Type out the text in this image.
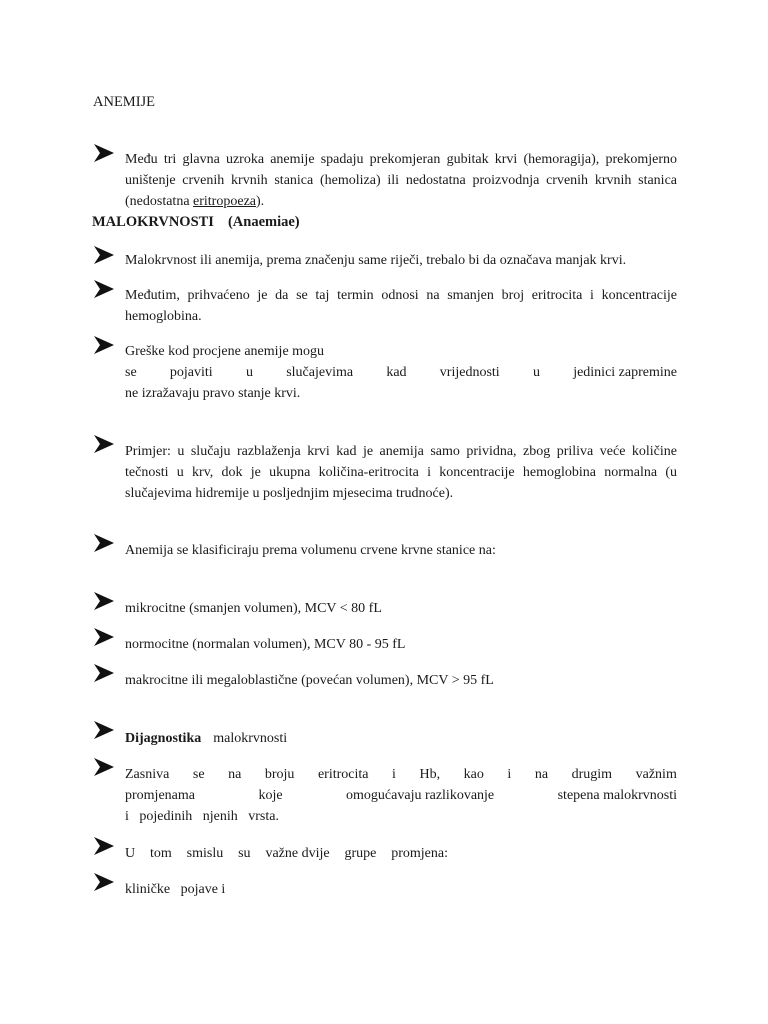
ANEMIJE
Među tri glavna uzroka anemije spadaju prekomjeran gubitak krvi (hemoragija), prekomjerno uništenje crvenih krvnih stanica (hemoliza) ili nedostatna proizvodnja crvenih krvnih stanica (nedostatna eritropoeza).
MALOKRVNOSTI (Anaemiae)
Malokrvnost ili anemija, prema značenju same riječi, trebalo bi da označava manjak krvi.
Međutim, prihvaćeno je da se taj termin odnosi na smanjen broj eritrocita i koncentracije hemoglobina.
Greške kod procjene anemije mogu
se pojaviti u slučajevima kad vrijednosti u jedinici zapremine
ne izražavaju pravo stanje krvi.
Primjer: u slučaju razblaženja krvi kad je anemija samo prividna, zbog priliva veće količine tečnosti u krv, dok je ukupna količina-eritrocita i koncentracije hemoglobina normalna (u slučajevima hidremije u posljednjim mjesecima trudnoće).
Anemija se klasificiraju prema volumenu crvene krvne stanice na:
mikrocitne (smanjen volumen), MCV < 80 fL
normocitne (normalan volumen), MCV 80 - 95 fL
makrocitne ili megaloblastične (povećan volumen), MCV > 95 fL
Dijagnostika malokrvnosti
Zasniva se na broju eritrocita i Hb, kao i na drugim važnim
promjenama	koje	omogućavaju razlikovanje	stepena malokrvnosti
i   pojedinih   njenih   vrsta.
U tom smislu su važne dvije grupe promjena:
kliničke   pojave i
